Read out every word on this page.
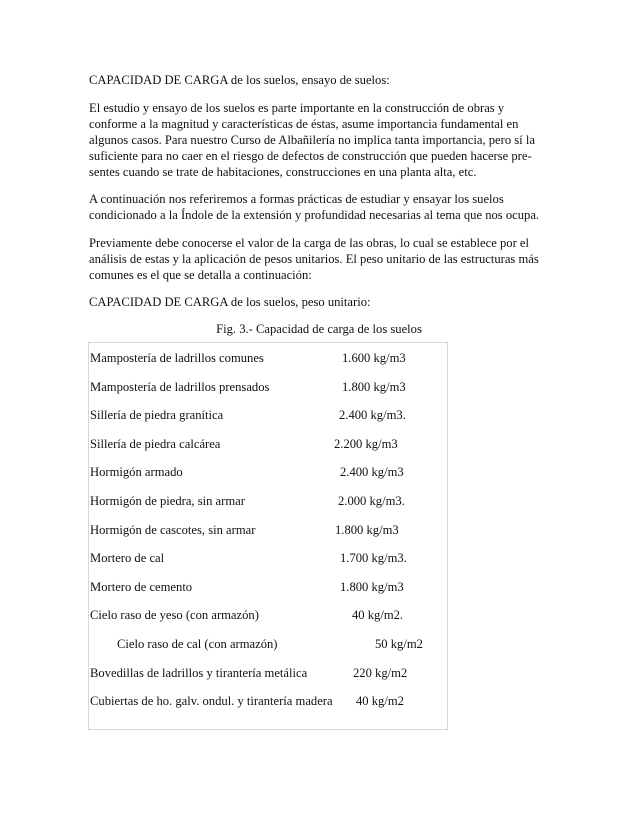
CAPACIDAD DE CARGA de los suelos, ensayo de suelos:
El estudio y ensayo de los suelos es parte importante en la construcción de obras y
conforme a la magnitud y características de éstas, asume importancia fundamental en
algunos casos. Para nuestro Curso de Albañilería no implica tanta importancia, pero sí la
suficiente para no caer en el riesgo de defectos de construcción que pueden hacerse pre-
sentes cuando se trate de habitaciones, construcciones en una planta alta, etc.
A continuación nos referiremos a formas prácticas de estudiar y ensayar los suelos
condicionado a la Índole de la extensión y profundidad necesarias al tema que nos ocupa.
Previamente debe conocerse el valor de la carga de las obras, lo cual se establece por el
análisis de estas y la aplicación de pesos unitarios. El peso unitario de las estructuras más
comunes es el que se detalla a continuación:
CAPACIDAD DE CARGA de los suelos, peso unitario:
Fig. 3.- Capacidad de carga de los suelos
Mampostería de ladrillos comunes	1.600 kg/m3
Mampostería de ladrillos prensados	1.800 kg/m3
Sillería de piedra granítica	2.400 kg/m3.
Sillería de piedra calcárea	2.200 kg/m3
Hormigón armado	2.400 kg/m3
Hormigón de piedra, sin armar	2.000 kg/m3.
Hormigón de cascotes, sin armar	1.800 kg/m3
Mortero de cal	1.700 kg/m3.
Mortero de cemento	1.800 kg/m3
Cielo raso de yeso (con armazón)	40 kg/m2.
Cielo raso de cal (con armazón)	50 kg/m2
Bovedillas de ladrillos y tirantería metálica	220 kg/m2
Cubiertas de ho. galv. ondul. y tirantería madera 40 kg/m2
